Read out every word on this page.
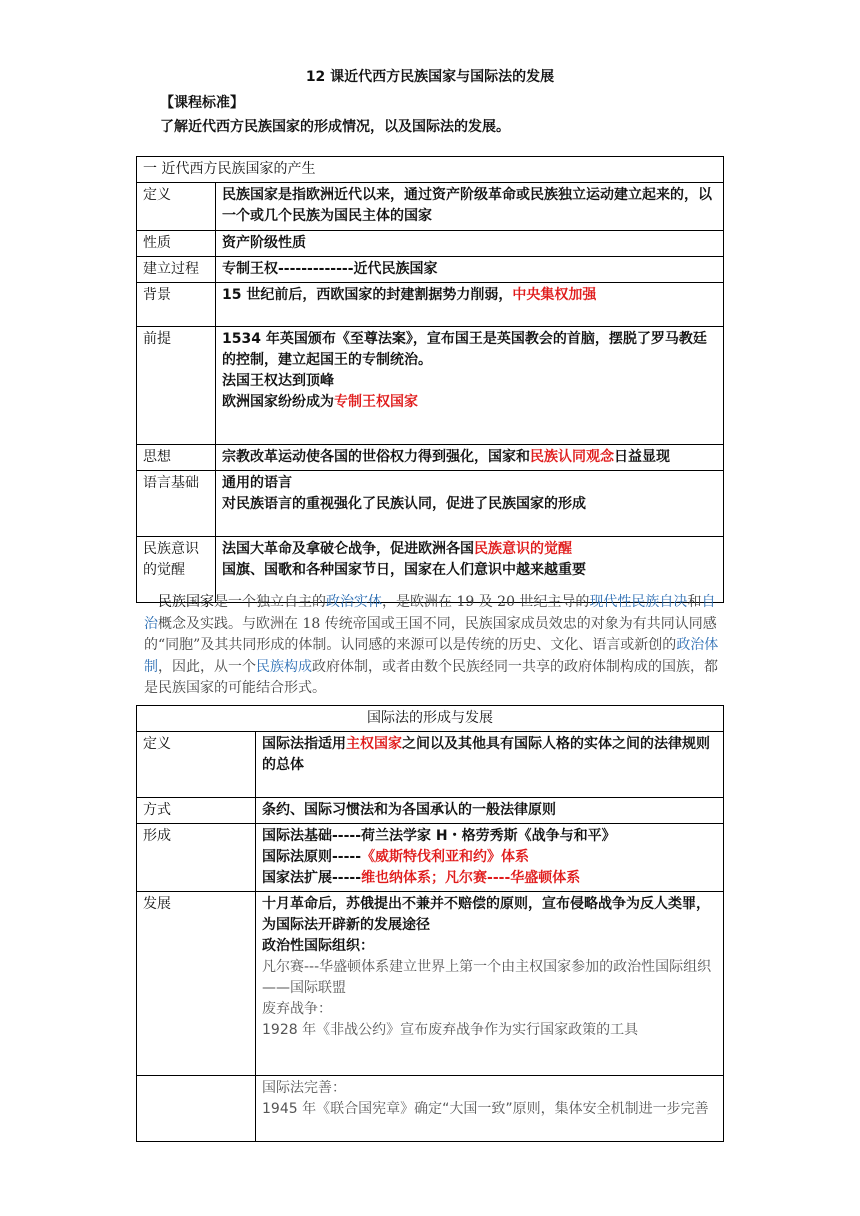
12 课近代西方民族国家与国际法的发展
【课程标准】
了解近代西方民族国家的形成情况，以及国际法的发展。
一 近代西方民族国家的产生	
定义	民族国家是指欧洲近代以来，通过资产阶级革命或民族独立运动建立起来的，以一个或几个民族为国民主体的国家
性质	资产阶级性质
建立过程	专制王权-------------近代民族国家
背景	15 世纪前后，西欧国家的封建割据势力削弱，中央集权加强
前提	1534 年英国颁布《至尊法案》，宣布国王是英国教会的首脑，摆脱了罗马教廷的控制，建立起国王的专制统治。
法国王权达到顶峰
欧洲国家纷纷成为专制王权国家

思想	宗教改革运动使各国的世俗权力得到强化，国家和民族认同观念日益显现
语言基础	通用的语言
对民族语言的重视强化了民族认同，促进了民族国家的形成

民族意识的觉醒	法国大革命及拿破仑战争，促进欧洲各国民族意识的觉醒
国旗、国歌和各种国家节日，国家在人们意识中越来越重要
民族国家是一个独立自主的政治实体，是欧洲在 19 及 20 世纪主导的现代性民族自决和自治概念及实践。与欧洲在 18 传统帝国或王国不同，民族国家成员效忠的对象为有共同认同感的“同胞”及其共同形成的体制。认同感的来源可以是传统的历史、文化、语言或新创的政治体制，因此，从一个民族构成政府体制，或者由数个民族经同一共享的政府体制构成的国族，都是民族国家的可能结合形式。
国际法的形成与发展	
定义	国际法指适用主权国家之间以及其他具有国际人格的实体之间的法律规则的总体
方式	条约、国际习惯法和为各国承认的一般法律原则
形成	国际法基础-----荷兰法学家 H・格劳秀斯《战争与和平》
国际法原则-----《威斯特伐利亚和约》体系
国家法扩展-----维也纳体系；凡尔赛----华盛顿体系

发展	十月革命后，苏俄提出不兼并不赔偿的原则，宣布侵略战争为反人类罪，为国际法开辟新的发展途径
政治性国际组织：
凡尔赛---华盛顿体系建立世界上第一个由主权国家参加的政治性国际组织——国际联盟
废弃战争：
1928 年《非战公约》宣布废弃战争作为实行国家政策的工具

	国际法完善：
1945 年《联合国宪章》确定“大国一致”原则，集体安全机制进一步完善
